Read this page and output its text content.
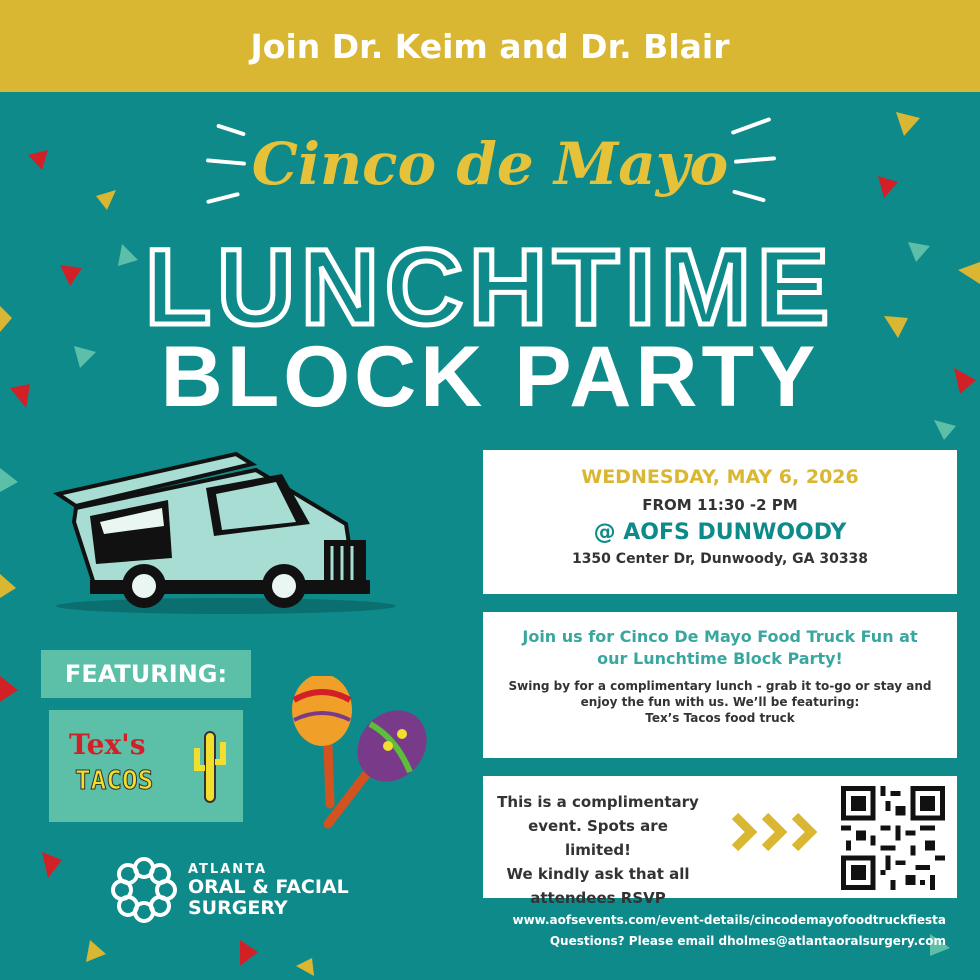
Join Dr. Keim and Dr. Blair
Cinco de Mayo
LUNCHTIME
BLOCK PARTY
WEDNESDAY, MAY 6, 2026
FROM 11:30 -2 PM
@ AOFS DUNWOODY
1350 Center Dr, Dunwoody, GA 30338
Join us for Cinco De Mayo Food Truck Fun at
our Lunchtime Block Party!
Swing by for a complimentary lunch - grab it to-go or stay and
enjoy the fun with us. We’ll be featuring:
Tex’s Tacos food truck
This is a complimentary
event. Spots are limited!
We kindly ask that all
attendees RSVP
FEATURING:
Tex's
TACOS
ATLANTA
ORAL & FACIAL
SURGERY
www.aofsevents.com/event-details/cincodemayofoodtruckfiesta
Questions? Please email dholmes@atlantaoralsurgery.com
